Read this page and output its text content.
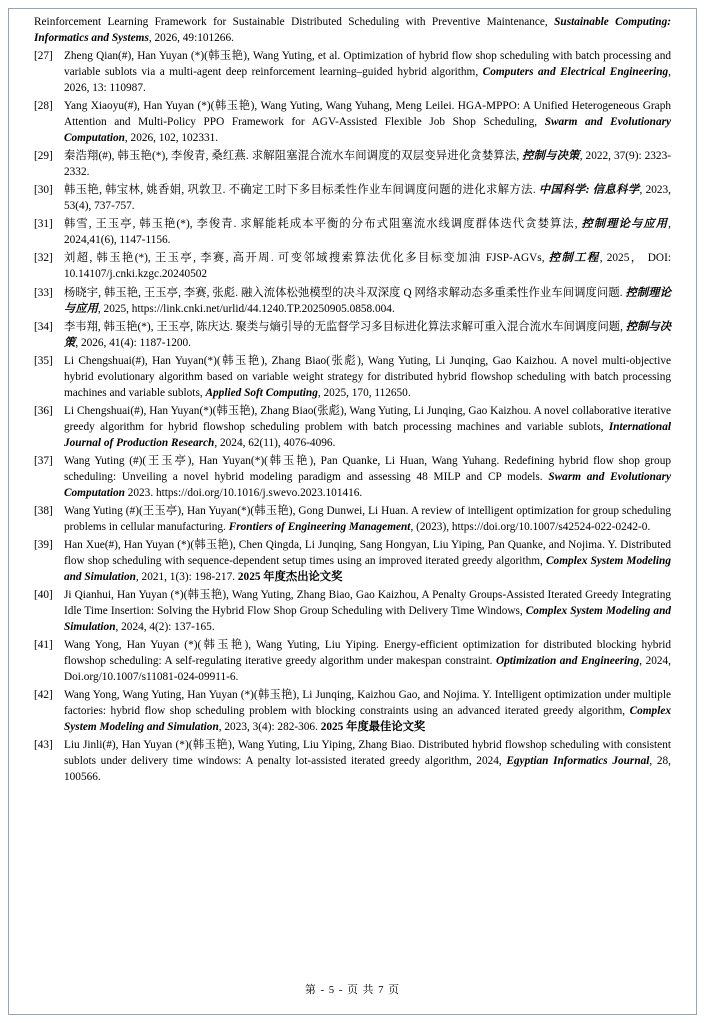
Reinforcement Learning Framework for Sustainable Distributed Scheduling with Preventive Maintenance, Sustainable Computing: Informatics and Systems, 2026, 49:101266.
[27] Zheng Qian(#), Han Yuyan (*)(韩玉艳), Wang Yuting, et al. Optimization of hybrid flow shop scheduling with batch processing and variable sublots via a multi-agent deep reinforcement learning–guided hybrid algorithm, Computers and Electrical Engineering, 2026, 13: 110987.
[28] Yang Xiaoyu(#), Han Yuyan (*)(韩玉艳), Wang Yuting, Wang Yuhang, Meng Leilei. HGA-MPPO: A Unified Heterogeneous Graph Attention and Multi-Policy PPO Framework for AGV-Assisted Flexible Job Shop Scheduling, Swarm and Evolutionary Computation, 2026, 102, 102331.
[29] 秦浩翔(#), 韩玉艳(*), 李俊青, 桑红燕. 求解阻塞混合流水车间调度的双层变异进化贪婪算法, 控制与决策, 2022, 37(9): 2323-2332.
[30] 韩玉艳, 韩宝林, 姚香娟, 巩敦卫. 不确定工时下多目标柔性作业车间调度问题的进化求解方法. 中国科学: 信息科学, 2023, 53(4), 737-757.
[31] 韩雪, 王玉亭, 韩玉艳(*), 李俊青. 求解能耗成本平衡的分布式阻塞流水线调度群体迭代贪婪算法, 控制理论与应用, 2024,41(6), 1147-1156.
[32] 刘超, 韩玉艳(*), 王玉亭, 李赛, 高开周. 可变邻域搜索算法优化多目标变加油 FJSP-AGVs, 控制工程, 2025， DOI: 10.14107/j.cnki.kzgc.20240502
[33] 杨晓宇, 韩玉艳, 王玉亭, 李赛, 张彪. 融入流体松弛模型的决斗双深度 Q 网络求解动态多重柔性作业车间调度问题. 控制理论与应用, 2025, https://link.cnki.net/urlid/44.1240.TP.20250905.0858.004.
[34] 李韦翔, 韩玉艳(*), 王玉亭, 陈庆达. 聚类与熵引导的无监督学习多目标进化算法求解可重入混合流水车间调度问题, 控制与决策, 2026, 41(4): 1187-1200.
[35] Li Chengshuai(#), Han Yuyan(*)(韩玉艳), Zhang Biao(张彪), Wang Yuting, Li Junqing, Gao Kaizhou. A novel multi-objective hybrid evolutionary algorithm based on variable weight strategy for distributed hybrid flowshop scheduling with batch processing machines and variable sublots, Applied Soft Computing, 2025, 170, 112650.
[36] Li Chengshuai(#), Han Yuyan(*)(韩玉艳), Zhang Biao(张彪), Wang Yuting, Li Junqing, Gao Kaizhou. A novel collaborative iterative greedy algorithm for hybrid flowshop scheduling problem with batch processing machines and variable sublots, International Journal of Production Research, 2024, 62(11), 4076-4096.
[37] Wang Yuting (#)(王玉亭), Han Yuyan(*)(韩玉艳), Pan Quanke, Li Huan, Wang Yuhang. Redefining hybrid flow shop group scheduling: Unveiling a novel hybrid modeling paradigm and assessing 48 MILP and CP models. Swarm and Evolutionary Computation 2023. https://doi.org/10.1016/j.swevo.2023.101416.
[38] Wang Yuting (#)(王玉亭), Han Yuyan(*)(韩玉艳), Gong Dunwei, Li Huan. A review of intelligent optimization for group scheduling problems in cellular manufacturing. Frontiers of Engineering Management, (2023), https://doi.org/10.1007/s42524-022-0242-0.
[39] Han Xue(#), Han Yuyan (*)(韩玉艳), Chen Qingda, Li Junqing, Sang Hongyan, Liu Yiping, Pan Quanke, and Nojima. Y. Distributed flow shop scheduling with sequence-dependent setup times using an improved iterated greedy algorithm, Complex System Modeling and Simulation, 2021, 1(3): 198-217. 2025 年度杰出论文奖
[40] Ji Qianhui, Han Yuyan (*)(韩玉艳), Wang Yuting, Zhang Biao, Gao Kaizhou, A Penalty Groups-Assisted Iterated Greedy Integrating Idle Time Insertion: Solving the Hybrid Flow Shop Group Scheduling with Delivery Time Windows, Complex System Modeling and Simulation, 2024, 4(2): 137-165.
[41] Wang Yong, Han Yuyan (*)(韩玉艳), Wang Yuting, Liu Yiping. Energy-efficient optimization for distributed blocking hybrid flowshop scheduling: A self-regulating iterative greedy algorithm under makespan constraint. Optimization and Engineering, 2024, Doi.org/10.1007/s11081-024-09911-6.
[42] Wang Yong, Wang Yuting, Han Yuyan (*)(韩玉艳), Li Junqing, Kaizhou Gao, and Nojima. Y. Intelligent optimization under multiple factories: hybrid flow shop scheduling problem with blocking constraints using an advanced iterated greedy algorithm, Complex System Modeling and Simulation, 2023, 3(4): 282-306. 2025 年度最佳论文奖
[43] Liu Jinli(#), Han Yuyan (*)(韩玉艳), Wang Yuting, Liu Yiping, Zhang Biao. Distributed hybrid flowshop scheduling with consistent sublots under delivery time windows: A penalty lot-assisted iterated greedy algorithm, 2024, Egyptian Informatics Journal, 28, 100566.
第 - 5 - 页 共 7 页
